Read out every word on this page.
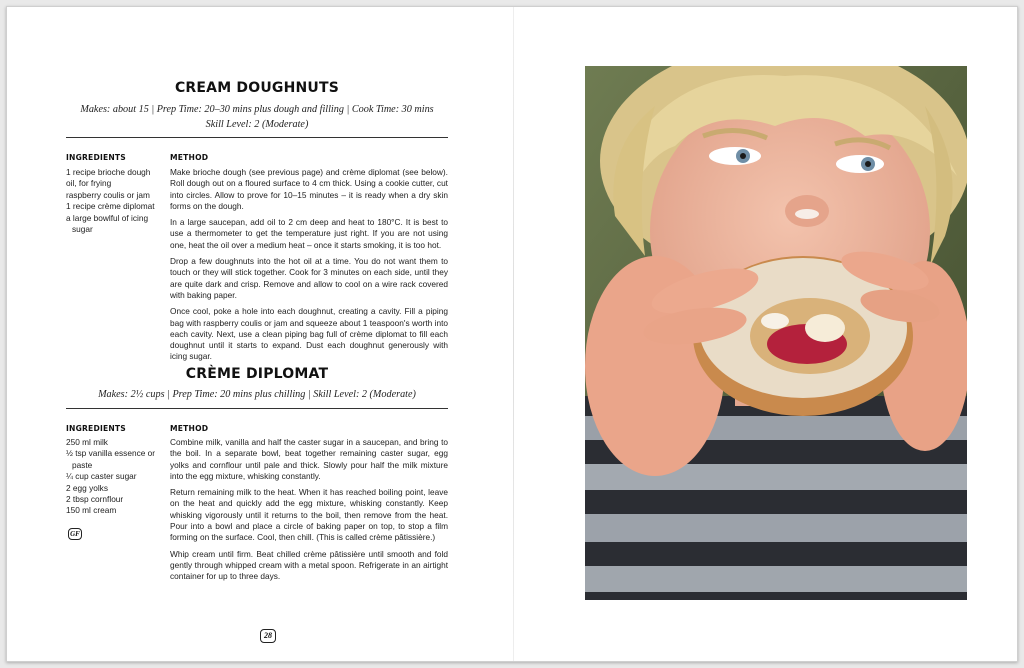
CREAM DOUGHNUTS
Makes: about 15 | Prep Time: 20–30 mins plus dough and filling | Cook Time: 30 mins
Skill Level: 2 (Moderate)
INGREDIENTS
1 recipe brioche dough
oil, for frying
raspberry coulis or jam
1 recipe crème diplomat
a large bowlful of icing sugar
METHOD

Make brioche dough (see previous page) and crème diplomat (see below). Roll dough out on a floured surface to 4 cm thick. Using a cookie cutter, cut into circles. Allow to prove for 10–15 minutes – it is ready when a dry skin forms on the dough.

In a large saucepan, add oil to 2 cm deep and heat to 180°C. It is best to use a thermometer to get the temperature just right. If you are not using one, heat the oil over a medium heat – once it starts smoking, it is too hot.

Drop a few doughnuts into the hot oil at a time. You do not want them to touch or they will stick together. Cook for 3 minutes on each side, until they are quite dark and crisp. Remove and allow to cool on a wire rack covered with baking paper.

Once cool, poke a hole into each doughnut, creating a cavity. Fill a piping bag with raspberry coulis or jam and squeeze about 1 teaspoon's worth into each cavity. Next, use a clean piping bag full of crème diplomat to fill each doughnut until it starts to expand. Dust each doughnut generously with icing sugar.

CRÈME DIPLOMAT
Makes: 2½ cups | Prep Time: 20 mins plus chilling | Skill Level: 2 (Moderate)
INGREDIENTS
250 ml milk
½ tsp vanilla essence or paste
¼ cup caster sugar
2 egg yolks
2 tbsp cornflour
150 ml cream
GF
METHOD

Combine milk, vanilla and half the caster sugar in a saucepan, and bring to the boil. In a separate bowl, beat together remaining caster sugar, egg yolks and cornflour until pale and thick. Slowly pour half the milk mixture into the egg mixture, whisking constantly.

Return remaining milk to the heat. When it has reached boiling point, leave on the heat and quickly add the egg mixture, whisking constantly. Keep whisking vigorously until it returns to the boil, then remove from the heat. Pour into a bowl and place a circle of baking paper on top, to stop a film forming on the surface. Cool, then chill. (This is called crème pâtissière.)

Whip cream until firm. Beat chilled crème pâtissière until smooth and fold gently through whipped cream with a metal spoon. Refrigerate in an airtight container for up to three days.

28
